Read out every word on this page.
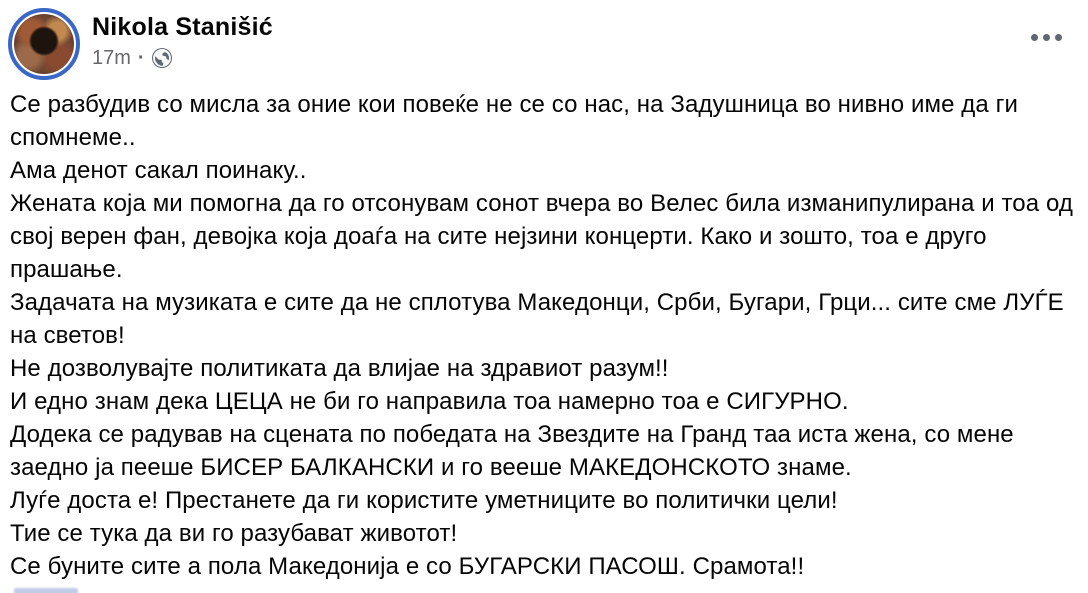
Nikola Stanišić
17m ·
Се разбудив со мисла за оние кои повеќе не се со нас, на Задушница во нивно име да ги спомнеме..
Ама денот сакал поинаку..
Жената која ми помогна да го отсонувам сонот вчера во Велес била изманипулирана и тоа од свој верен фан, девојка која доаѓа на сите нејзини концерти. Како и зошто, тоа е друго прашање.
Задачата на музиката е сите да не сплотува Македонци, Срби, Бугари, Грци... сите сме ЛУЃЕ на светов!
Не дозволувајте политиката да влијае на здравиот разум!!
И едно знам дека ЦЕЦА не би го направила тоа намерно тоа е СИГУРНО.
Додека се радував на сцената по победата на Звездите на Гранд таа иста жена, со мене заедно ја пееше БИСЕР БАЛКАНСКИ и го вееше МАКЕДОНСКОТО знаме.
Луѓе доста е! Престанете да ги користите уметниците во политички цели!
Тие се тука да ви го разубават животот!
Се буните сите а пола Македонија е со БУГАРСКИ ПАСОШ. Срамота!!
